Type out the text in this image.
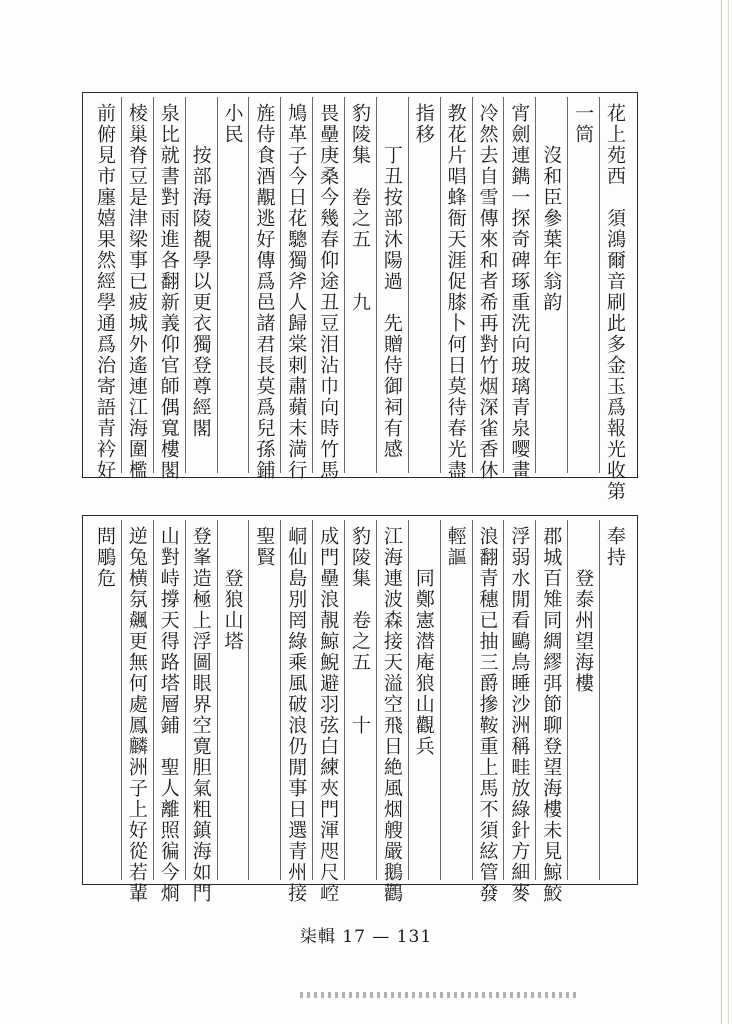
花上苑西　須鴻爾音刷此多金玉爲報光收第
一筒　　　
　　沒和臣參葉年翁韵
宵劍連鐫一探奇碑琢重洗向玻璃青泉嘤畫
冷然去自雪傳來和者希再對竹烟深雀香休
教花片唱蜂衙天涯促膝卜何日莫待春光盡
指移
　　丁丑按部沐陽過　先贈侍御祠有感
豹陵集　卷之五　　九
畏壘庚桑今幾春仰途丑豆泪沾巾向時竹馬
鳩革子今日花驄獨斧人歸棠刺肅蘋末満行
旌侍食酒覯逃好傳爲邑諸君長莫爲兒孫鋪
小民
　　按部海陵覩學以更衣獨登尊經閣
泉比就書對雨進各翻新義仰官師偶寬樓閣
棱巢脊豆是津梁事已疲城外遙連江海圍檻
前俯見市廛嬉果然經學通爲治寄語青衿好
奉持
　　登泰州望海樓
郡城百雉同綢繆弭節聊登望海樓未見鯨鮫
浮弱水閒看鷗鳥睡沙洲稱畦放綠針方細麥
浪翻青穗已抽三爵摻鞍重上馬不須絃管發
輕謳
　　同鄭憲潜庵狼山觀兵
江海連波森接天溢空飛日絶風烟艘嚴鵝鸛
豹陵集　卷之五　　十
成門壘浪靚鯨鯢避羽弦白練夾門渾咫尺崆
峒仙島別罔綠乘風破浪仍閒事日選青州接
聖賢
　　登狼山塔
登峯造極上浮圖眼界空寛胆氣粗鎮海如門
山對峙撐天得路塔層鋪　聖人離照徧今烱
逆兔横氛飆更無何處鳳麟洲子上好從若輩
問鵰危
柒輯 17 — 131
